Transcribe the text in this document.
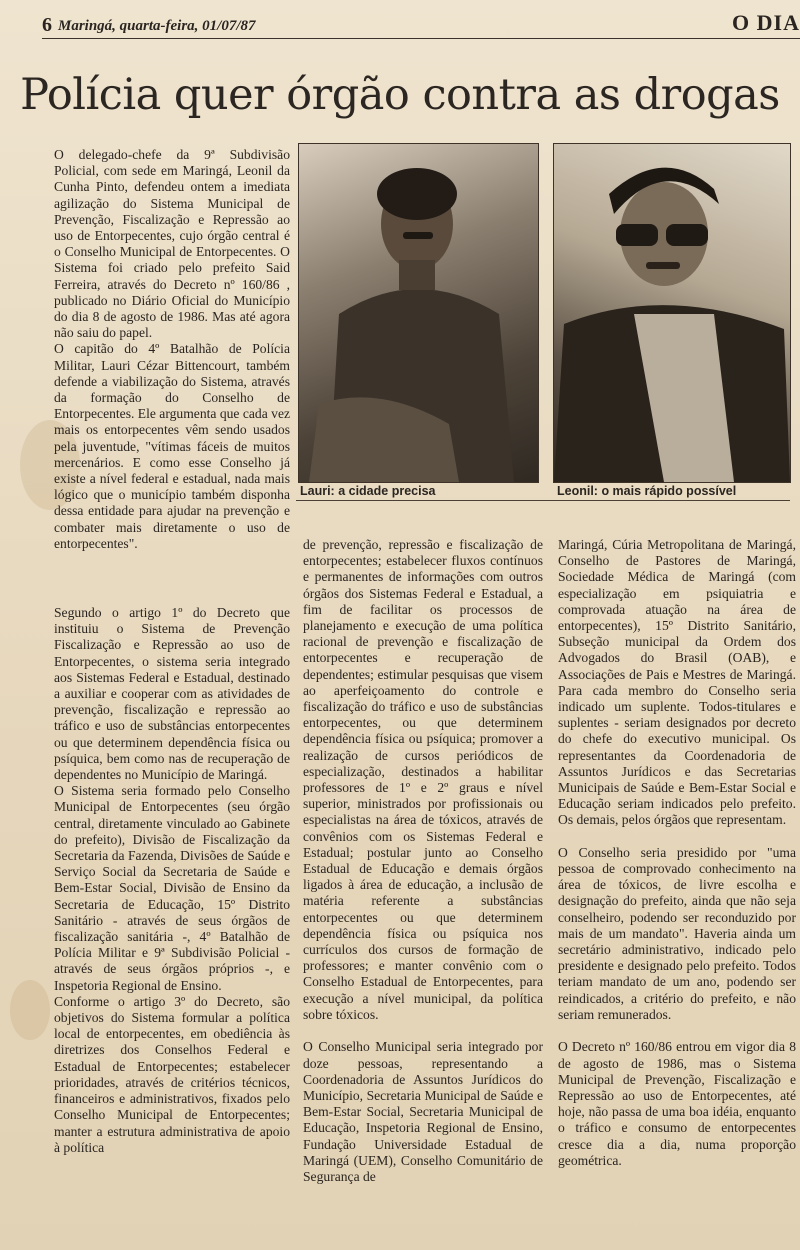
6 Maringá, quarta-feira, 01/07/87	O DIA
Polícia quer órgão contra as drogas
O delegado-chefe da 9ª Subdivisão Policial, com sede em Maringá, Leonil da Cunha Pinto, defendeu ontem a imediata agilização do Sistema Municipal de Prevenção, Fiscalização e Repressão ao uso de Entorpecentes, cujo órgão central é o Conselho Municipal de Entorpecentes. O Sistema foi criado pelo prefeito Said Ferreira, através do Decreto nº 160/86 , publicado no Diário Oficial do Município do dia 8 de agosto de 1986. Mas até agora não saiu do papel.
O capitão do 4º Batalhão de Polícia Militar, Lauri Cézar Bittencourt, também defende a viabilização do Sistema, através da formação do Conselho de Entorpecentes. Ele argumenta que cada vez mais os entorpecentes vêm sendo usados pela juventude, "vítimas fáceis de muitos mercenários. E como esse Conselho já existe a nível federal e estadual, nada mais lógico que o município também disponha dessa entidade para ajudar na prevenção e combater mais diretamente o uso de entorpecentes".
Segundo o artigo 1º do Decreto que instituiu o Sistema de Prevenção Fiscalização e Repressão ao uso de Entorpecentes, o sistema seria integrado aos Sistemas Federal e Estadual, destinado a auxiliar e cooperar com as atividades de prevenção, fiscalização e repressão ao tráfico e uso de substâncias entorpecentes ou que determinem dependência física ou psíquica, bem como nas de recuperação de dependentes no Município de Maringá.
O Sistema seria formado pelo Conselho Municipal de Entorpecentes (seu órgão central, diretamente vinculado ao Gabinete do prefeito), Divisão de Fiscalização da Secretaria da Fazenda, Divisões de Saúde e Serviço Social da Secretaria de Saúde e Bem-Estar Social, Divisão de Ensino da Secretaria de Educação, 15º Distrito Sanitário - através de seus órgãos de fiscalização sanitária -, 4º Batalhão de Polícia Militar e 9ª Subdivisão Policial - através de seus órgãos próprios -, e Inspetoria Regional de Ensino.
Conforme o artigo 3º do Decreto, são objetivos do Sistema formular a política local de entorpecentes, em obediência às diretrizes dos Conselhos Federal e Estadual de Entorpecentes; estabelecer prioridades, através de critérios técnicos, financeiros e administrativos, fixados pelo Conselho Municipal de Entorpecentes; manter a estrutura administrativa de apoio à política
Lauri: a cidade precisa	Leonil: o mais rápido possível
de prevenção, repressão e fiscalização de entorpecentes; estabelecer fluxos contínuos e permanentes de informações com outros órgãos dos Sistemas Federal e Estadual, a fim de facilitar os processos de planejamento e execução de uma política racional de prevenção e fiscalização de entorpecentes e recuperação de dependentes; estimular pesquisas que visem ao aperfeiçoamento do controle e fiscalização do tráfico e uso de substâncias entorpecentes, ou que determinem dependência física ou psíquica; promover a realização de cursos periódicos de especialização, destinados a habilitar professores de 1º e 2º graus e nível superior, ministrados por profissionais ou especialistas na área de tóxicos, através de convênios com os Sistemas Federal e Estadual; postular junto ao Conselho Estadual de Educação e demais órgãos ligados à área de educação, a inclusão de matéria referente a substâncias entorpecentes ou que determinem dependência física ou psíquica nos currículos dos cursos de formação de professores; e manter convênio com o Conselho Estadual de Entorpecentes, para execução a nível municipal, da política sobre tóxicos.

O Conselho Municipal seria integrado por doze pessoas, representando a Coordenadoria de Assuntos Jurídicos do Município, Secretaria Municipal de Saúde e Bem-Estar Social, Secretaria Municipal de Educação, Inspetoria Regional de Ensino, Fundação Universidade Estadual de Maringá (UEM), Conselho Comunitário de Segurança de
Maringá, Cúria Metropolitana de Maringá, Conselho de Pastores de Maringá, Sociedade Médica de Maringá (com especialização em psiquiatria e comprovada atuação na área de entorpecentes), 15º Distrito Sanitário, Subseção municipal da Ordem dos Advogados do Brasil (OAB), e Associações de Pais e Mestres de Maringá. Para cada membro do Conselho seria indicado um suplente. Todos-titulares e suplentes - seriam designados por decreto do chefe do executivo municipal. Os representantes da Coordenadoria de Assuntos Jurídicos e das Secretarias Municipais de Saúde e Bem-Estar Social e Educação seriam indicados pelo prefeito. Os demais, pelos órgãos que representam.

O Conselho seria presidido por "uma pessoa de comprovado conhecimento na área de tóxicos, de livre escolha e designação do prefeito, ainda que não seja conselheiro, podendo ser reconduzido por mais de um mandato". Haveria ainda um secretário administrativo, indicado pelo presidente e designado pelo prefeito. Todos teriam mandato de um ano, podendo ser reindicados, a critério do prefeito, e não seriam remunerados.

O Decreto nº 160/86 entrou em vigor dia 8 de agosto de 1986, mas o Sistema Municipal de Prevenção, Fiscalização e Repressão ao uso de Entorpecentes, até hoje, não passa de uma boa idéia, enquanto o tráfico e consumo de entorpecentes cresce dia a dia, numa proporção geométrica.
